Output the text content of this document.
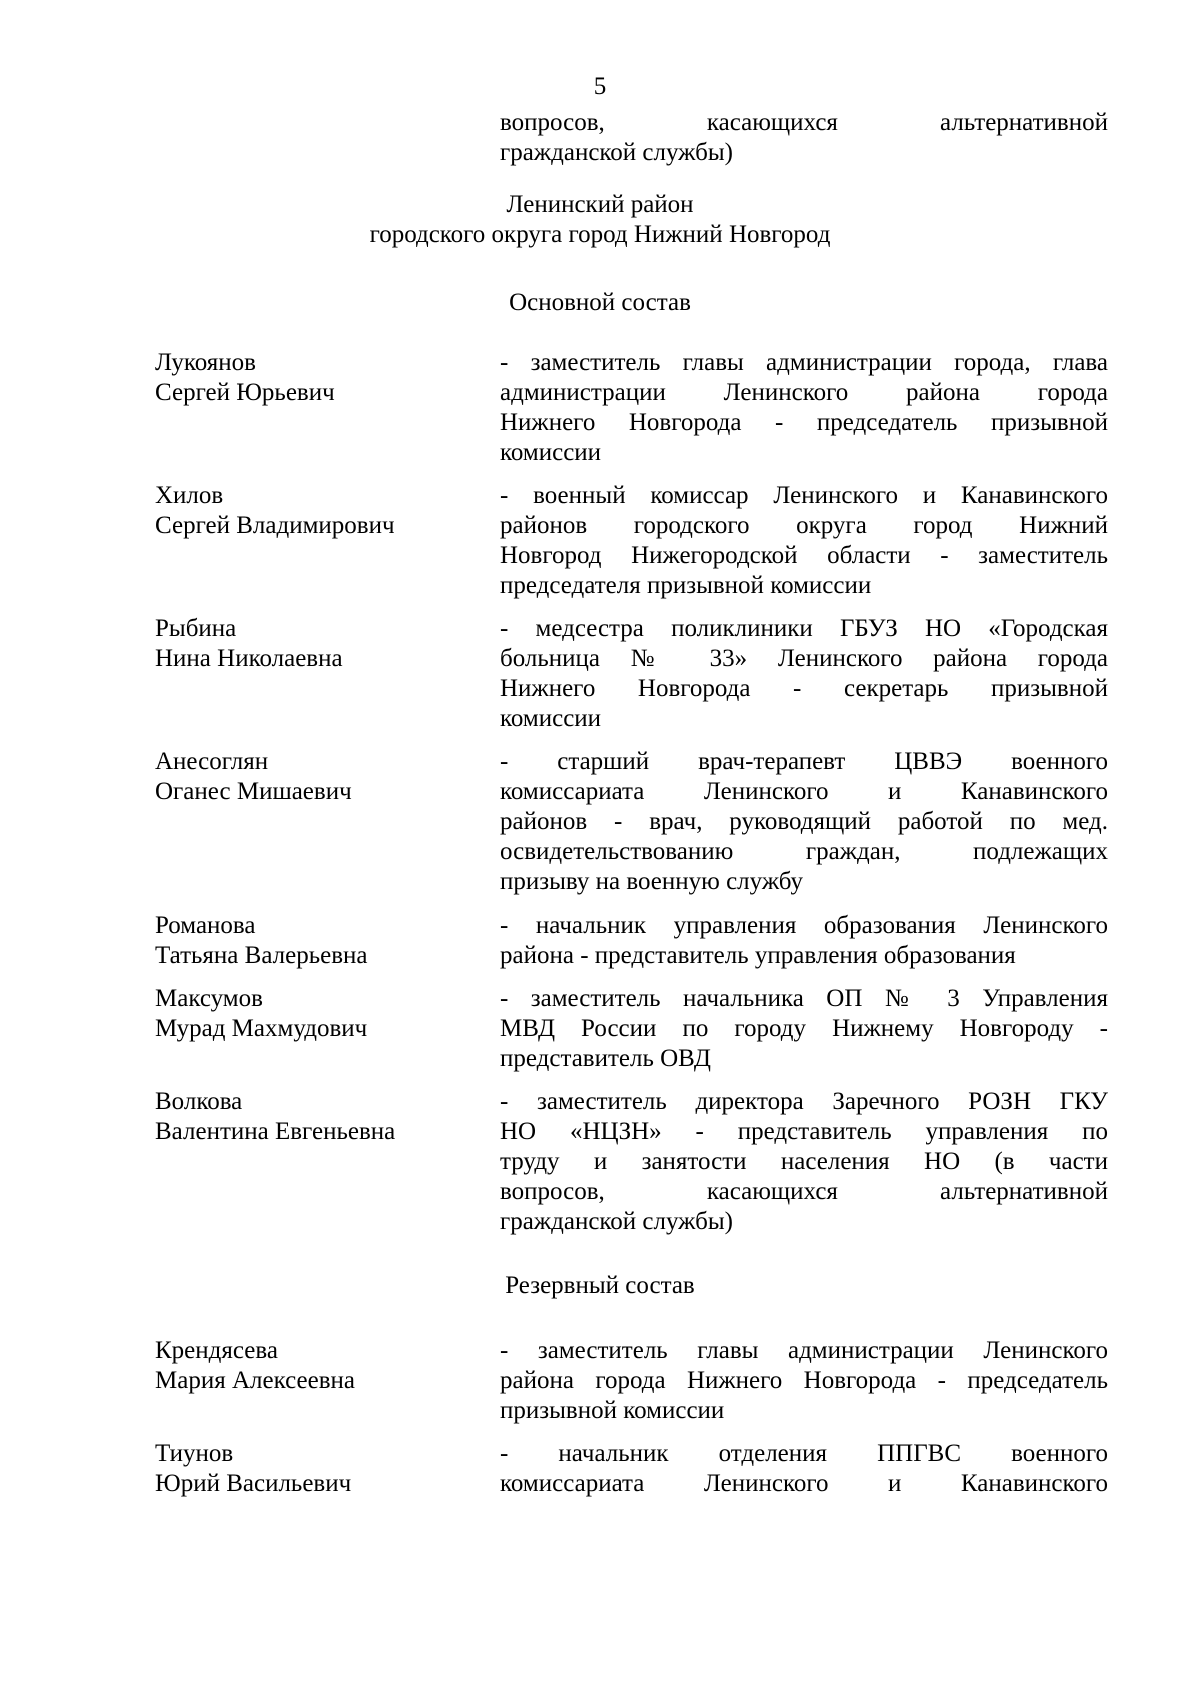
5
вопросов, касающихся альтернативной
гражданской службы)
Ленинский район
городского округа город Нижний Новгород
Основной состав
Лукоянов
Сергей Юрьевич
- заместитель главы администрации города, глава
администрации Ленинского района города
Нижнего Новгорода - председатель призывной
комиссии
Хилов
Сергей Владимирович
- военный комиссар Ленинского и Канавинского
районов городского округа город Нижний
Новгород Нижегородской области - заместитель
председателя призывной комиссии
Рыбина
Нина Николаевна
- медсестра поликлиники ГБУЗ НО «Городская
больница № 33» Ленинского района города
Нижнего Новгорода - секретарь призывной
комиссии
Анесоглян
Оганес Мишаевич
- старший врач-терапевт ЦВВЭ военного
комиссариата Ленинского и Канавинского
районов - врач, руководящий работой по мед.
освидетельствованию граждан, подлежащих
призыву на военную службу
Романова
Татьяна Валерьевна
- начальник управления образования Ленинского
района - представитель управления образования
Максумов
Мурад Махмудович
- заместитель начальника ОП № 3 Управления
МВД России по городу Нижнему Новгороду -
представитель ОВД
Волкова
Валентина Евгеньевна
- заместитель директора Заречного РОЗН ГКУ
НО «НЦЗН» - представитель управления по
труду и занятости населения НО (в части
вопросов, касающихся альтернативной
гражданской службы)
Резервный состав
Крендясева
Мария Алексеевна
- заместитель главы администрации Ленинского
района города Нижнего Новгорода - председатель
призывной комиссии
Тиунов
Юрий Васильевич
- начальник отделения ППГВС военного
комиссариата Ленинского и Канавинского
